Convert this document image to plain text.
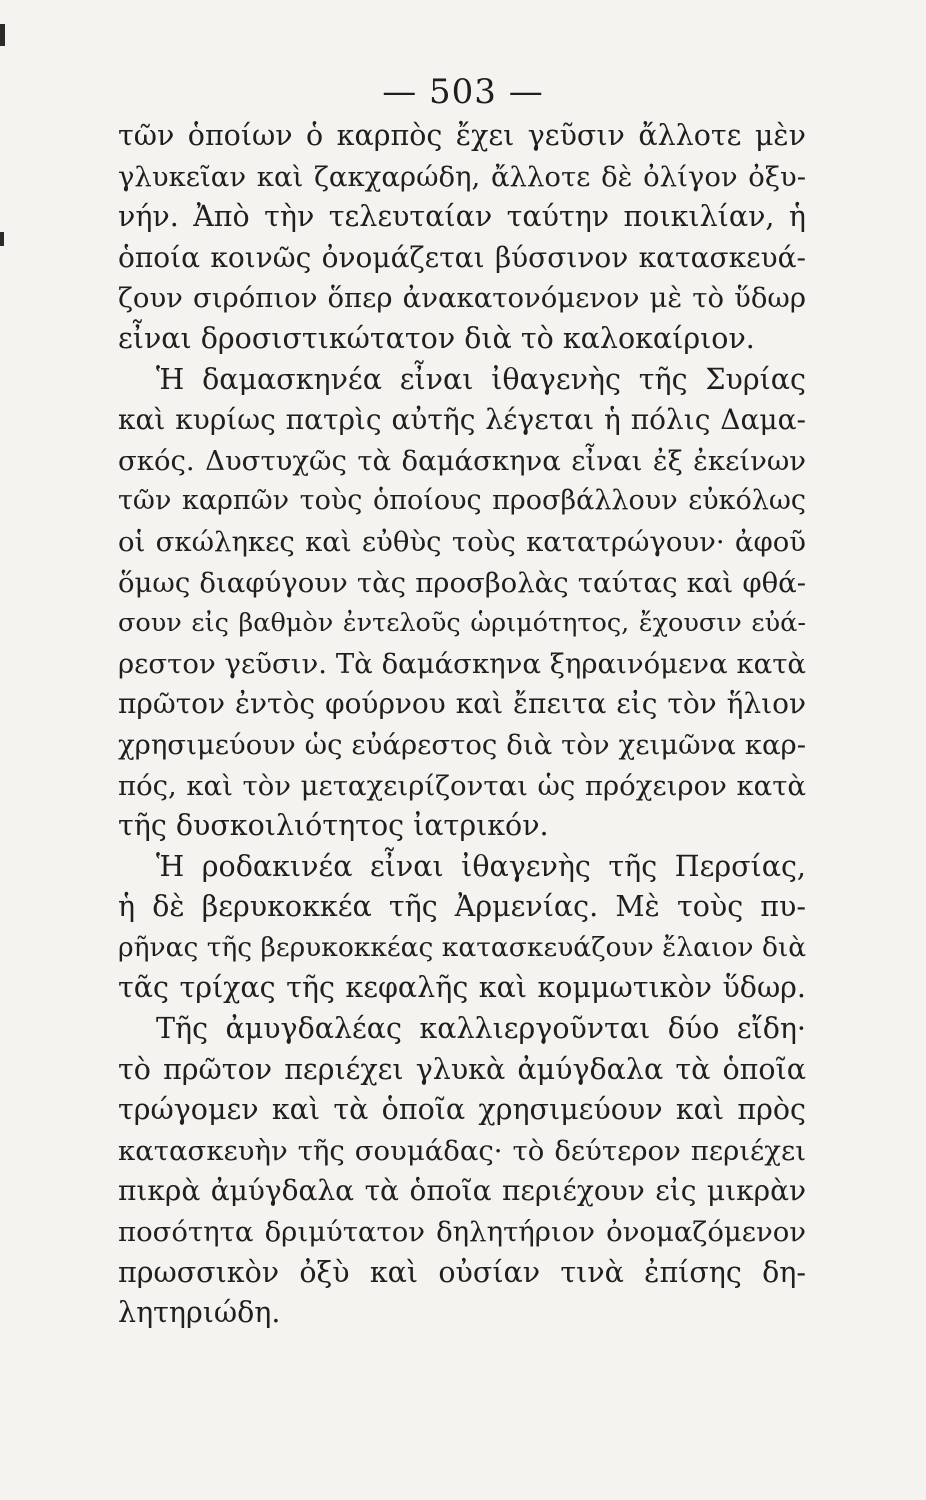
— 503 —
τῶν ὁποίων ὁ καρπὸς ἔχει γεῦσιν ἄλλοτε μὲν
γλυκεῖαν καὶ ζακχαρώδη, ἄλλοτε δὲ ὀλίγον ὀξυ-
νήν. Ἀπὸ τὴν τελευταίαν ταύτην ποικιλίαν, ἡ
ὁποία κοινῶς ὀνομάζεται βύσσινον κατασκευά-
ζουν σιρόπιον ὅπερ ἀνακατονόμενον μὲ τὸ ὕδωρ
εἶναι δροσιστικώτατον διὰ τὸ καλοκαίριον.
Ἡ δαμασκηνέα εἶναι ἰθαγενὴς τῆς Συρίας
καὶ κυρίως πατρὶς αὐτῆς λέγεται ἡ πόλις Δαμα-
σκός. Δυστυχῶς τὰ δαμάσκηνα εἶναι ἐξ ἐκείνων
τῶν καρπῶν τοὺς ὁποίους προσβάλλουν εὐκόλως
οἱ σκώληκες καὶ εὐθὺς τοὺς κατατρώγουν· ἀφοῦ
ὅμως διαφύγουν τὰς προσβολὰς ταύτας καὶ φθά-
σουν εἰς βαθμὸν ἐντελοῦς ὡριμότητος, ἔχουσιν εὐά-
ρεστον γεῦσιν. Τὰ δαμάσκηνα ξηραινόμενα κατὰ
πρῶτον ἐντὸς φούρνου καὶ ἔπειτα εἰς τὸν ἥλιον
χρησιμεύουν ὡς εὐάρεστος διὰ τὸν χειμῶνα καρ-
πός, καὶ τὸν μεταχειρίζονται ὡς πρόχειρον κατὰ
τῆς δυσκοιλιότητος ἰατρικόν.
Ἡ ροδακινέα εἶναι ἰθαγενὴς τῆς Περσίας,
ἡ δὲ βερυκοκκέα τῆς Ἀρμενίας. Μὲ τοὺς πυ-
ρῆνας τῆς βερυκοκκέας κατασκευάζουν ἔλαιον διὰ
τᾶς τρίχας τῆς κεφαλῆς καὶ κομμωτικὸν ὕδωρ.
Τῆς ἀμυγδαλέας καλλιεργοῦνται δύο εἴδη·
τὸ πρῶτον περιέχει γλυκὰ ἀμύγδαλα τὰ ὁποῖα
τρώγομεν καὶ τὰ ὁποῖα χρησιμεύουν καὶ πρὸς
κατασκευὴν τῆς σουμάδας· τὸ δεύτερον περιέχει
πικρὰ ἀμύγδαλα τὰ ὁποῖα περιέχουν εἰς μικρὰν
ποσότητα δριμύτατον δηλητήριον ὀνομαζόμενον
πρωσσικὸν ὀξὺ καὶ οὐσίαν τινὰ ἐπίσης δη-
λητηριώδη.
